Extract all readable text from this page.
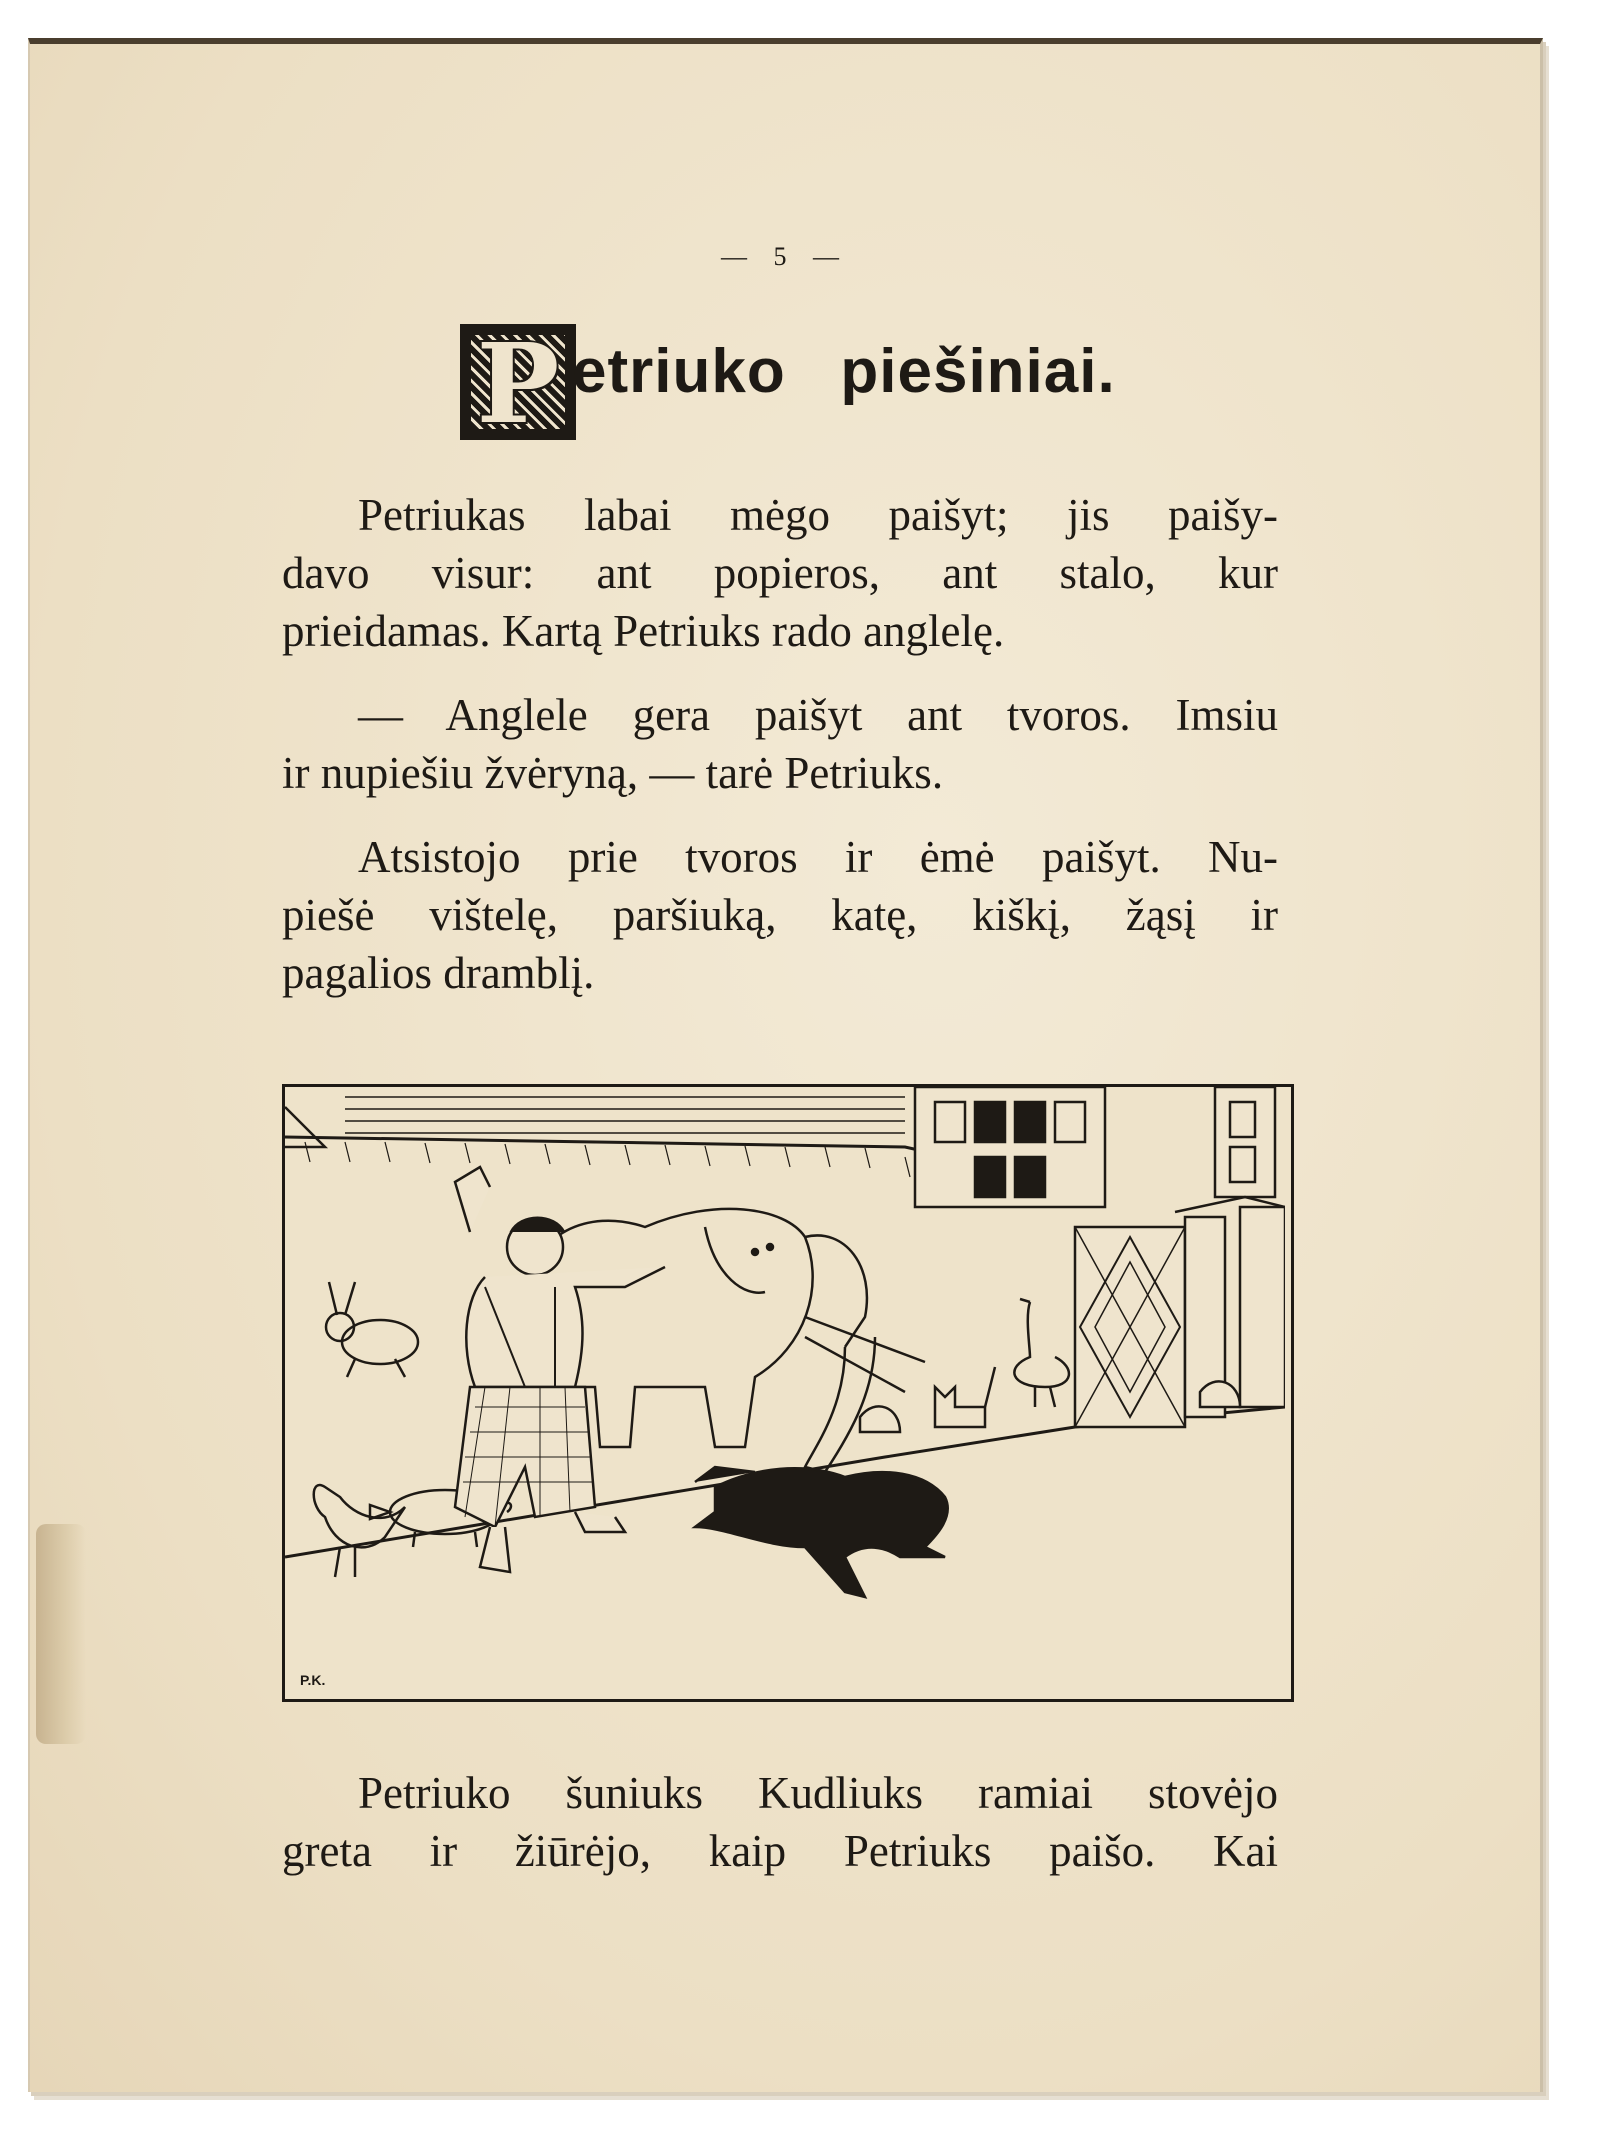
— 5 —
P etriuko   piešiniai.

Petriukas labai mėgo paišyt; jis paišy-
davo visur: ant popieros, ant stalo, kur
prieidamas. Kartą Petriuks rado anglelę.

— Anglele gera paišyt ant tvoros. Imsiu
ir nupiešiu žvėryną, — tarė Petriuks.

Atsistojo prie tvoros ir ėmė paišyt. Nu-
piešė vištelę, paršiuką, katę, kiškį, žąsį ir
pagalios dramblį.

P.K.

Petriuko šuniuks Kudliuks ramiai stovėjo
greta ir žiūrėjo, kaip Petriuks paišo. Kai
